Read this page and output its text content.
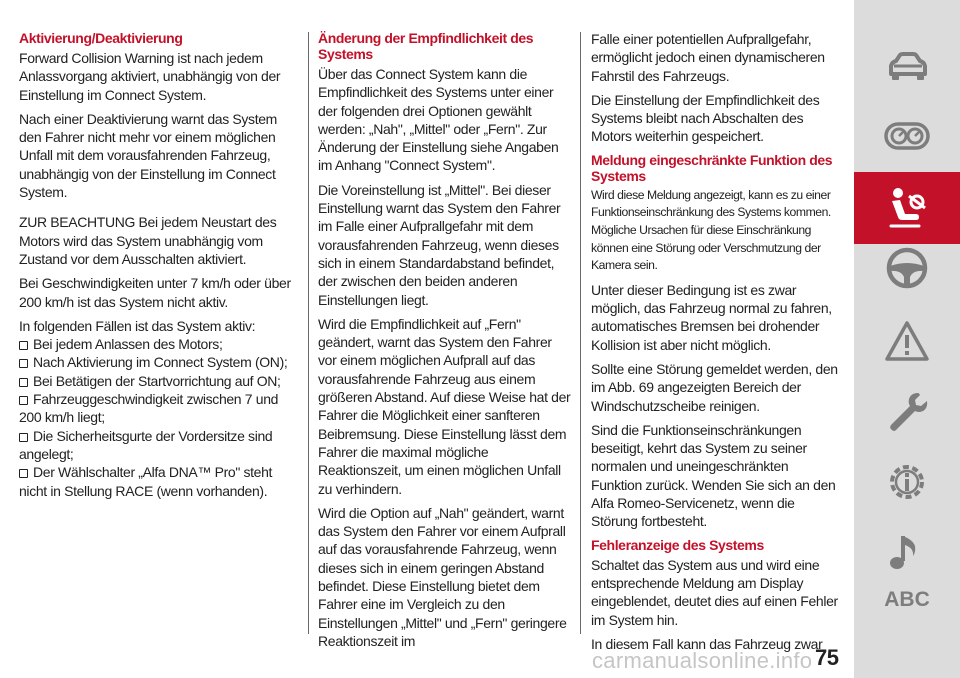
Aktivierung/Deaktivierung

Forward Collision Warning ist nach jedem Anlassvorgang aktiviert, unabhängig von der Einstellung im Connect System.

Nach einer Deaktivierung warnt das System den Fahrer nicht mehr vor einem möglichen Unfall mit dem vorausfahrenden Fahrzeug, unabhängig von der Einstellung im Connect System.

ZUR BEACHTUNG Bei jedem Neustart des Motors wird das System unabhängig vom Zustand vor dem Ausschalten aktiviert.

Bei Geschwindigkeiten unter 7 km/h oder über 200 km/h ist das System nicht aktiv.

In folgenden Fällen ist das System aktiv:

Bei jedem Anlassen des Motors;
Nach Aktivierung im Connect System (ON);
Bei Betätigen der Startvorrichtung auf ON;
Fahrzeuggeschwindigkeit zwischen 7 und 200 km/h liegt;
Die Sicherheitsgurte der Vordersitze sind angelegt;
Der Wählschalter „Alfa DNA™ Pro" steht nicht in Stellung RACE (wenn vorhanden).
Änderung der Empfindlichkeit des Systems

Über das Connect System kann die Empfindlichkeit des Systems unter einer der folgenden drei Optionen gewählt werden: „Nah", „Mittel" oder „Fern". Zur Änderung der Einstellung siehe Angaben im Anhang "Connect System".

Die Voreinstellung ist „Mittel". Bei dieser Einstellung warnt das System den Fahrer im Falle einer Aufprallgefahr mit dem vorausfahrenden Fahrzeug, wenn dieses sich in einem Standardabstand befindet, der zwischen den beiden anderen Einstellungen liegt.

Wird die Empfindlichkeit auf „Fern" geändert, warnt das System den Fahrer vor einem möglichen Aufprall auf das vorausfahrende Fahrzeug aus einem größeren Abstand. Auf diese Weise hat der Fahrer die Möglichkeit einer sanfteren Beibremsung. Diese Einstellung lässt dem Fahrer die maximal mögliche Reaktionszeit, um einen möglichen Unfall zu verhindern.

Wird die Option auf „Nah" geändert, warnt das System den Fahrer vor einem Aufprall auf das vorausfahrende Fahrzeug, wenn dieses sich in einem geringen Abstand befindet. Diese Einstellung bietet dem Fahrer eine im Vergleich zu den Einstellungen „Mittel" und „Fern" geringere Reaktionszeit im

Falle einer potentiellen Aufprallgefahr, ermöglicht jedoch einen dynamischeren Fahrstil des Fahrzeugs.

Die Einstellung der Empfindlichkeit des Systems bleibt nach Abschalten des Motors weiterhin gespeichert.

Meldung eingeschränkte Funktion des Systems

Wird diese Meldung angezeigt, kann es zu einer Funktionseinschränkung des Systems kommen. Mögliche Ursachen für diese Einschränkung können eine Störung oder Verschmutzung der Kamera sein.

Unter dieser Bedingung ist es zwar möglich, das Fahrzeug normal zu fahren, automatisches Bremsen bei drohender Kollision ist aber nicht möglich.

Sollte eine Störung gemeldet werden, den im Abb. 69 angezeigten Bereich der Windschutzscheibe reinigen.

Sind die Funktionseinschränkungen beseitigt, kehrt das System zu seiner normalen und uneingeschränkten Funktion zurück. Wenden Sie sich an den Alfa Romeo-Servicenetz, wenn die Störung fortbesteht.

Fehleranzeige des Systems

Schaltet das System aus und wird eine entsprechende Meldung am Display eingeblendet, deutet dies auf einen Fehler im System hin.

In diesem Fall kann das Fahrzeug zwar

ABC
carmanualsonline.info 75
